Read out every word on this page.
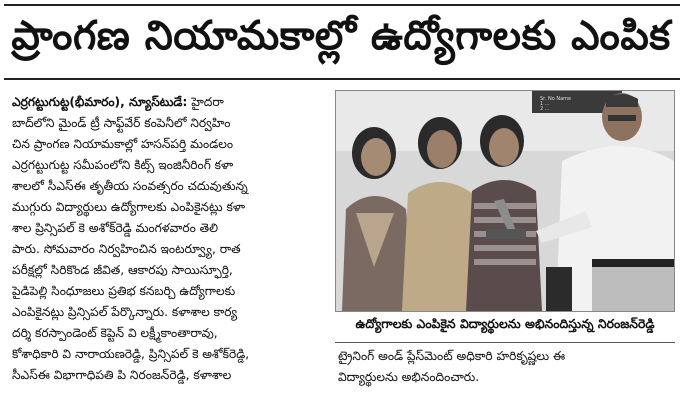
ప్రాంగణ నియామకాల్లో ఉద్యోగాలకు ఎంపిక
ఎర్రగట్టుగుట్ట(భీమారం), న్యూస్‌టుడే: హైదరా
బాద్‌లోని మైండ్ ట్రీ సాఫ్ట్‌వేర్ కంపెనీలో నిర్వహిం
చిన ప్రాంగణ నియామకాల్లో హసన్‌పర్తి మండలం
ఎర్రగట్టుగుట్ట సమీపంలోని కిట్స్ ఇంజినీరింగ్ కళా
శాలలో సీఎస్ఈ తృతీయ సంవత్సరం చదువుతున్న
ముగ్గురు విద్యార్థులు ఉద్యోగాలకు ఎంపికైనట్లు కళా
శాల ప్రిన్సిపల్ కె అశోక్‌రెడ్డి మంగళవారం తెలి
పారు. సోమవారం నిర్వహించిన ఇంటర్వ్యూ, రాత
పరీక్షల్లో సిరికొండ జీవిత, ఆకారపు సాయిస్ఫూర్తి,
పైడిపెల్లి సింధూజలు ప్రతిభ కనబర్చి ఉద్యోగాలకు
ఎంపికైనట్లు ప్రిన్సిపల్ పేర్కొన్నారు. కళాశాల కార్య
దర్శి కరస్పాండెంట్ కెప్టెన్ వి లక్ష్మీకాంతారావు,
కోశాధికారి వి నారాయణరెడ్డి, ప్రిన్సిపల్ కె అశోక్‌రెడ్డి,
సీఎస్ఈ విభాగాధిపతి పి నిరంజన్‌రెడ్డి, కళాశాల
Sr. No Name
1 ...
2 ...
ఉద్యోగాలకు ఎంపికైన విద్యార్థులను అభినందిస్తున్న నిరంజన్‌రెడ్డి
ట్రైనింగ్ అండ్ ప్లేస్‌మెంట్ అధికారి హరికృష్ణలు ఈ
విద్యార్థులను అభినందించారు.
